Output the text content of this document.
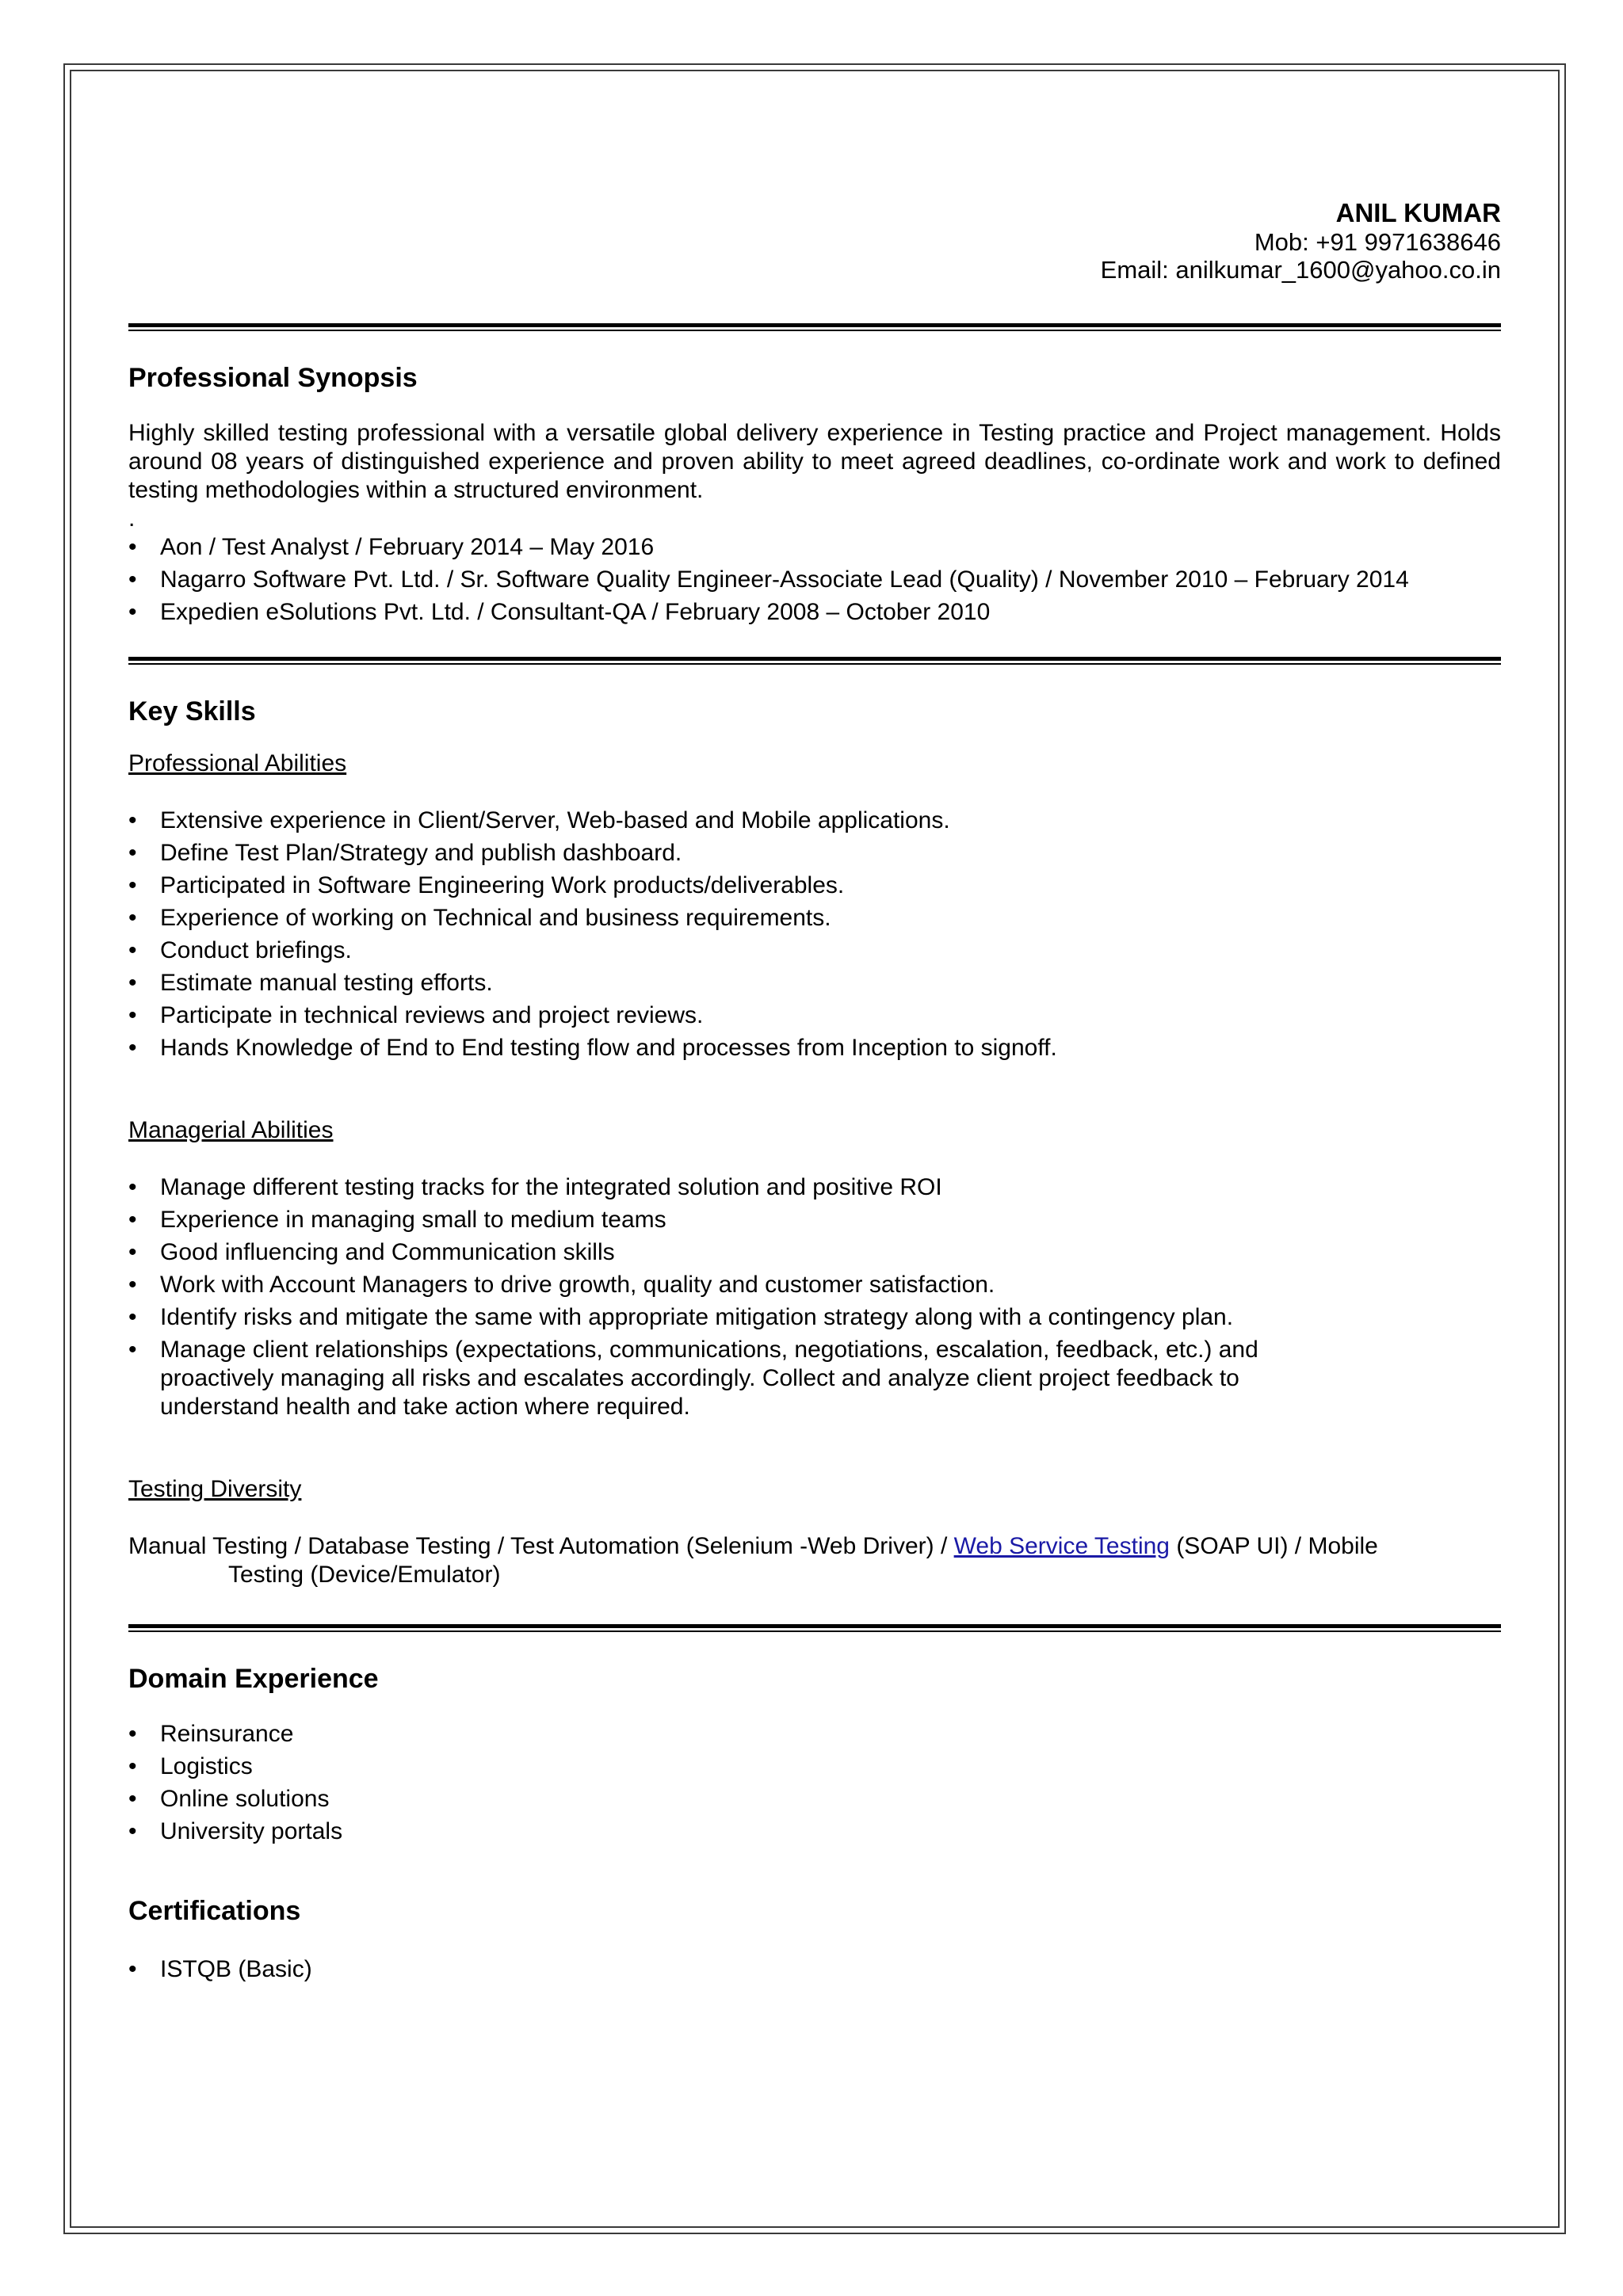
ANIL KUMAR
Mob: +91 9971638646
Email: anilkumar_1600@yahoo.co.in
Professional Synopsis

Highly skilled testing professional with a versatile global delivery experience in Testing practice and Project management. Holds around 08 years of distinguished experience and proven ability to meet agreed deadlines, co-ordinate work and work to defined testing methodologies within a structured environment.

.

• Aon / Test Analyst / February 2014 – May 2016
• Nagarro Software Pvt. Ltd. / Sr. Software Quality Engineer-Associate Lead (Quality) / November 2010 – February 2014
• Expedien eSolutions Pvt. Ltd. / Consultant-QA / February 2008 – October 2010
Key Skills
Professional Abilities
• Extensive experience in Client/Server, Web-based and Mobile applications.
• Define Test Plan/Strategy and publish dashboard.
• Participated in Software Engineering Work products/deliverables.
• Experience of working on Technical and business requirements.
• Conduct briefings.
• Estimate manual testing efforts.
• Participate in technical reviews and project reviews.
• Hands Knowledge of End to End testing flow and processes from Inception to signoff.
Managerial Abilities
• Manage different testing tracks for the integrated solution and positive ROI
• Experience in managing small to medium teams
• Good influencing and Communication skills
• Work with Account Managers to drive growth, quality and customer satisfaction.
• Identify risks and mitigate the same with appropriate mitigation strategy along with a contingency plan.
• Manage client relationships (expectations, communications, negotiations, escalation, feedback, etc.) and proactively managing all risks and escalates accordingly. Collect and analyze client project feedback to understand health and take action where required.
Testing Diversity

Manual Testing / Database Testing / Test Automation (Selenium -Web Driver) / Web Service Testing (SOAP UI) / Mobile

Testing (Device/Emulator)

Domain Experience
• Reinsurance
• Logistics
• Online solutions
• University portals
Certifications
• ISTQB (Basic)
